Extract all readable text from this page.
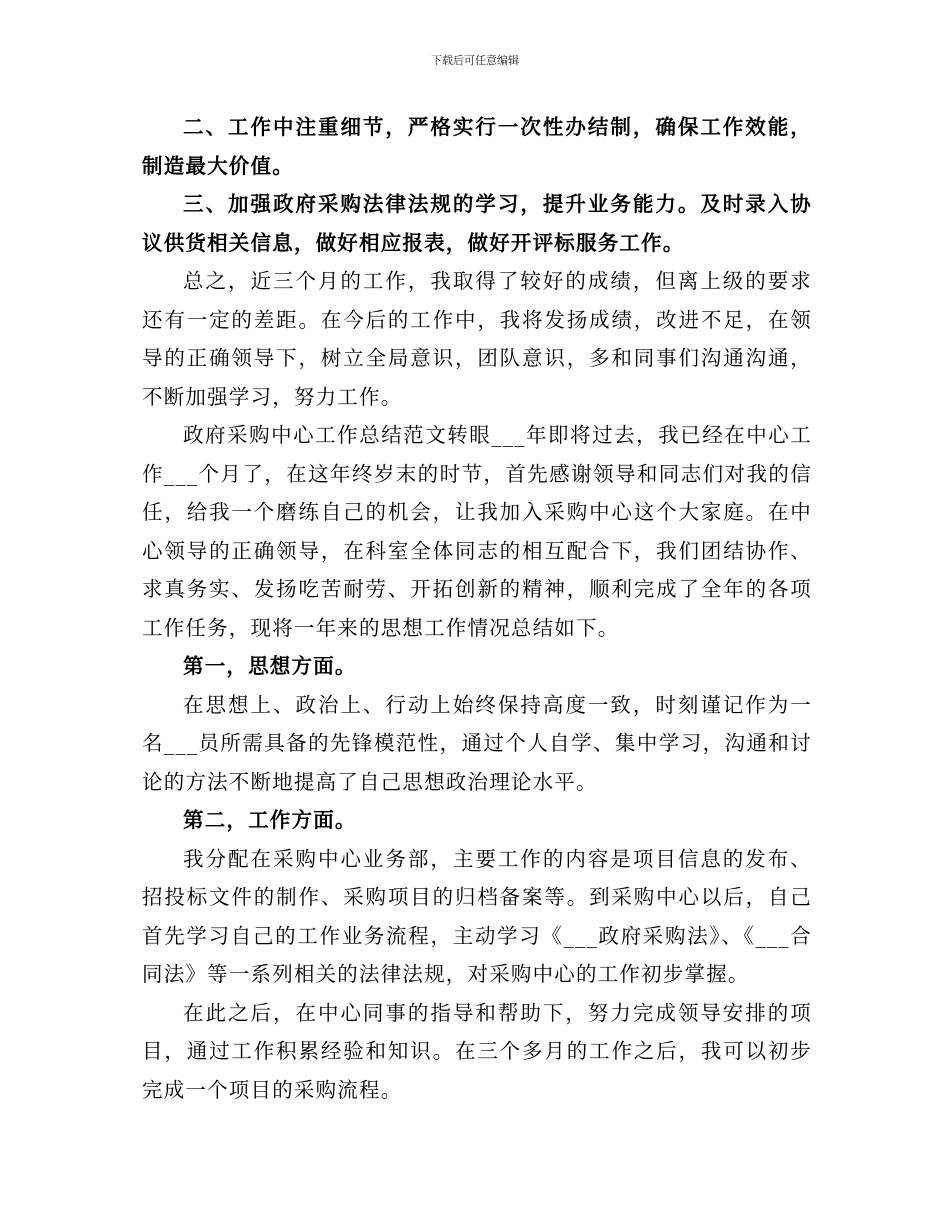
下载后可任意编辑

二、工作中注重细节，严格实行一次性办结制，确保工作效能，制造最大价值。

三、加强政府采购法律法规的学习，提升业务能力。及时录入协议供货相关信息，做好相应报表，做好开评标服务工作。

总之，近三个月的工作，我取得了较好的成绩，但离上级的要求还有一定的差距。在今后的工作中，我将发扬成绩，改进不足，在领导的正确领导下，树立全局意识，团队意识，多和同事们沟通沟通，不断加强学习，努力工作。

政府采购中心工作总结范文转眼___年即将过去，我已经在中心工作___个月了，在这年终岁末的时节，首先感谢领导和同志们对我的信任，给我一个磨练自己的机会，让我加入采购中心这个大家庭。在中心领导的正确领导，在科室全体同志的相互配合下，我们团结协作、求真务实、发扬吃苦耐劳、开拓创新的精神，顺利完成了全年的各项工作任务，现将一年来的思想工作情况总结如下。

第一，思想方面。

在思想上、政治上、行动上始终保持高度一致，时刻谨记作为一名___员所需具备的先锋模范性，通过个人自学、集中学习，沟通和讨论的方法不断地提高了自己思想政治理论水平。

第二，工作方面。

我分配在采购中心业务部，主要工作的内容是项目信息的发布、招投标文件的制作、采购项目的归档备案等。到采购中心以后，自己首先学习自己的工作业务流程，主动学习《___政府采购法》、《___合同法》等一系列相关的法律法规，对采购中心的工作初步掌握。

在此之后，在中心同事的指导和帮助下，努力完成领导安排的项目，通过工作积累经验和知识。在三个多月的工作之后，我可以初步完成一个项目的采购流程。
